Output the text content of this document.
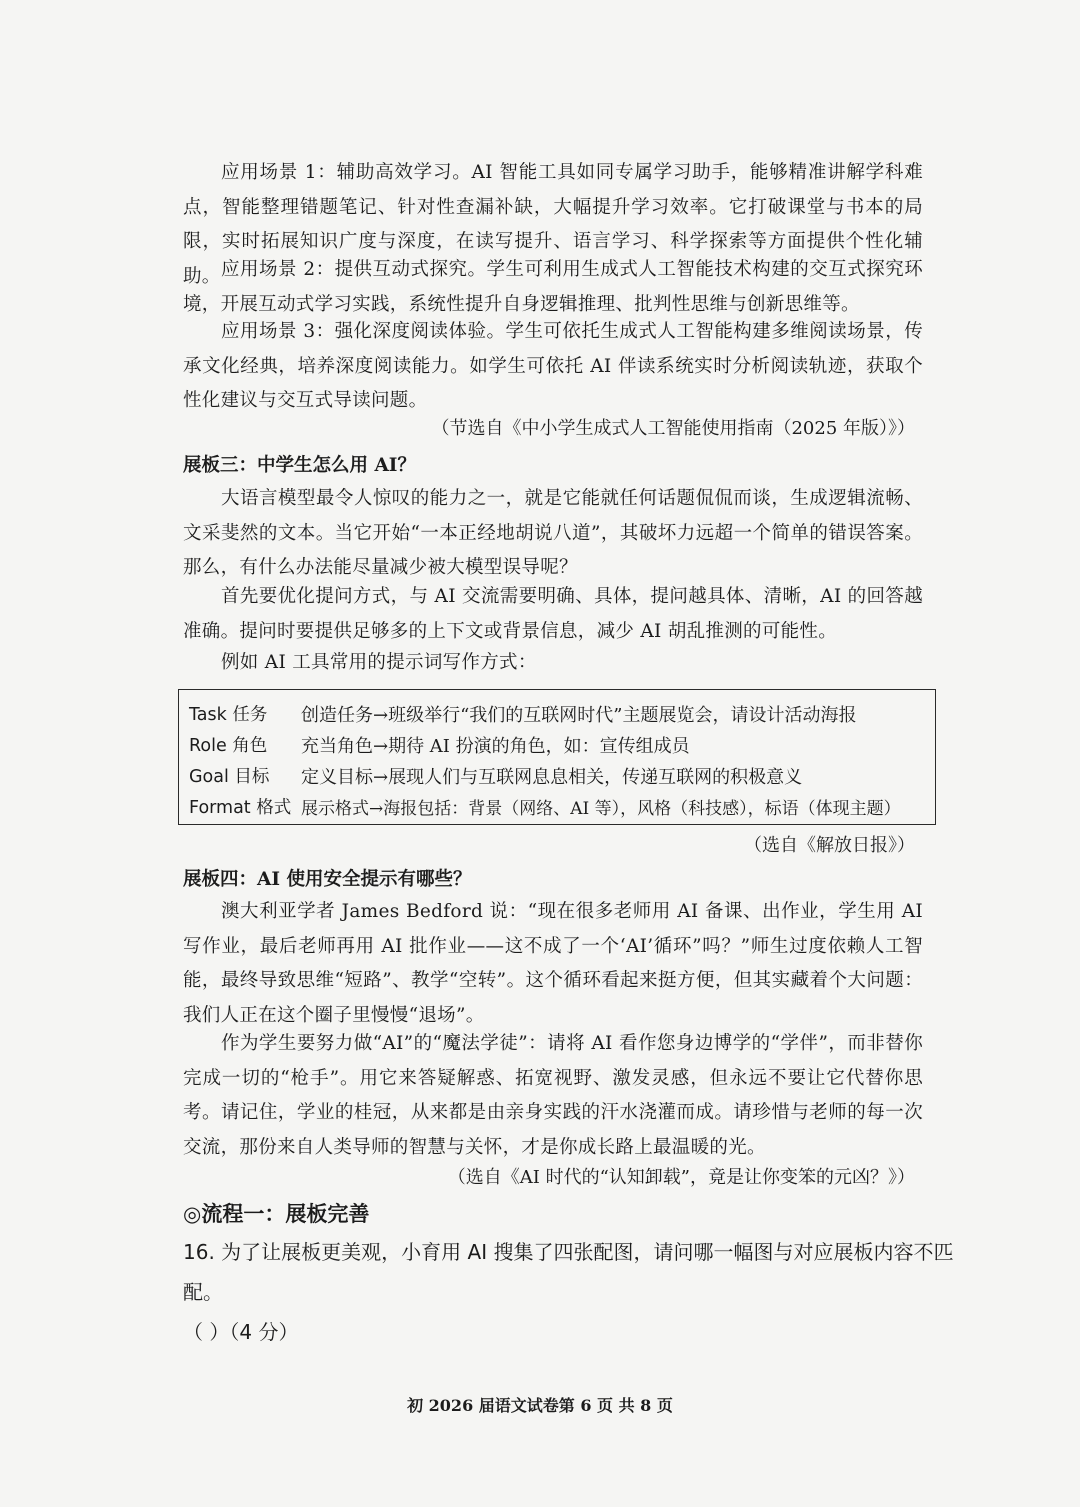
应用场景 1：辅助高效学习。AI 智能工具如同专属学习助手，能够精准讲解学科难点，智能整理错题笔记、针对性查漏补缺，大幅提升学习效率。它打破课堂与书本的局限，实时拓展知识广度与深度，在读写提升、语言学习、科学探索等方面提供个性化辅助。 应用场景 2：提供互动式探究。学生可利用生成式人工智能技术构建的交互式探究环境，开展互动式学习实践，系统性提升自身逻辑推理、批判性思维与创新思维等。

应用场景 3：强化深度阅读体验。学生可依托生成式人工智能构建多维阅读场景，传承文化经典，培养深度阅读能力。如学生可依托 AI 伴读系统实时分析阅读轨迹，获取个性化建议与交互式导读问题。

（节选自《中小学生成式人工智能使用指南（2025 年版）》）

展板三：中学生怎么用 AI？

大语言模型最令人惊叹的能力之一，就是它能就任何话题侃侃而谈，生成逻辑流畅、文采斐然的文本。当它开始“一本正经地胡说八道”，其破坏力远超一个简单的错误答案。那么，有什么办法能尽量减少被大模型误导呢？

首先要优化提问方式，与 AI 交流需要明确、具体，提问越具体、清晰，AI 的回答越准确。提问时要提供足够多的上下文或背景信息，减少 AI 胡乱推测的可能性。

例如 AI 工具常用的提示词写作方式：

Task 任务	创造任务→班级举行“我们的互联网时代”主题展览会，请设计活动海报
Role 角色	充当角色→期待 AI 扮演的角色，如：宣传组成员
Goal 目标	定义目标→展现人们与互联网息息相关，传递互联网的积极意义
Format 格式 展示格式→海报包括：背景（网络、AI 等），风格（科技感），标语（体现主题）

（选自《解放日报》）

展板四：AI 使用安全提示有哪些？

澳大利亚学者 James Bedford 说：“现在很多老师用 AI 备课、出作业，学生用 AI 写作业，最后老师再用 AI 批作业——这不成了一个‘AI’循环”吗？”师生过度依赖人工智能，最终导致思维“短路”、教学“空转”。这个循环看起来挺方便，但其实藏着个大问题：我们人正在这个圈子里慢慢“退场”。

作为学生要努力做“AI”的“魔法学徒”：请将 AI 看作您身边博学的“学伴”，而非替你完成一切的“枪手”。用它来答疑解惑、拓宽视野、激发灵感，但永远不要让它代替你思考。请记住，学业的桂冠，从来都是由亲身实践的汗水浇灌而成。请珍惜与老师的每一次交流，那份来自人类导师的智慧与关怀，才是你成长路上最温暖的光。

（选自《AI 时代的“认知卸载”，竟是让你变笨的元凶？》）

◎流程一：展板完善

16. 为了让展板更美观，小育用 AI 搜集了四张配图，请问哪一幅图与对应展板内容不匹配。
（ ）（4 分）

初 2026 届语文试卷第 6 页 共 8 页
